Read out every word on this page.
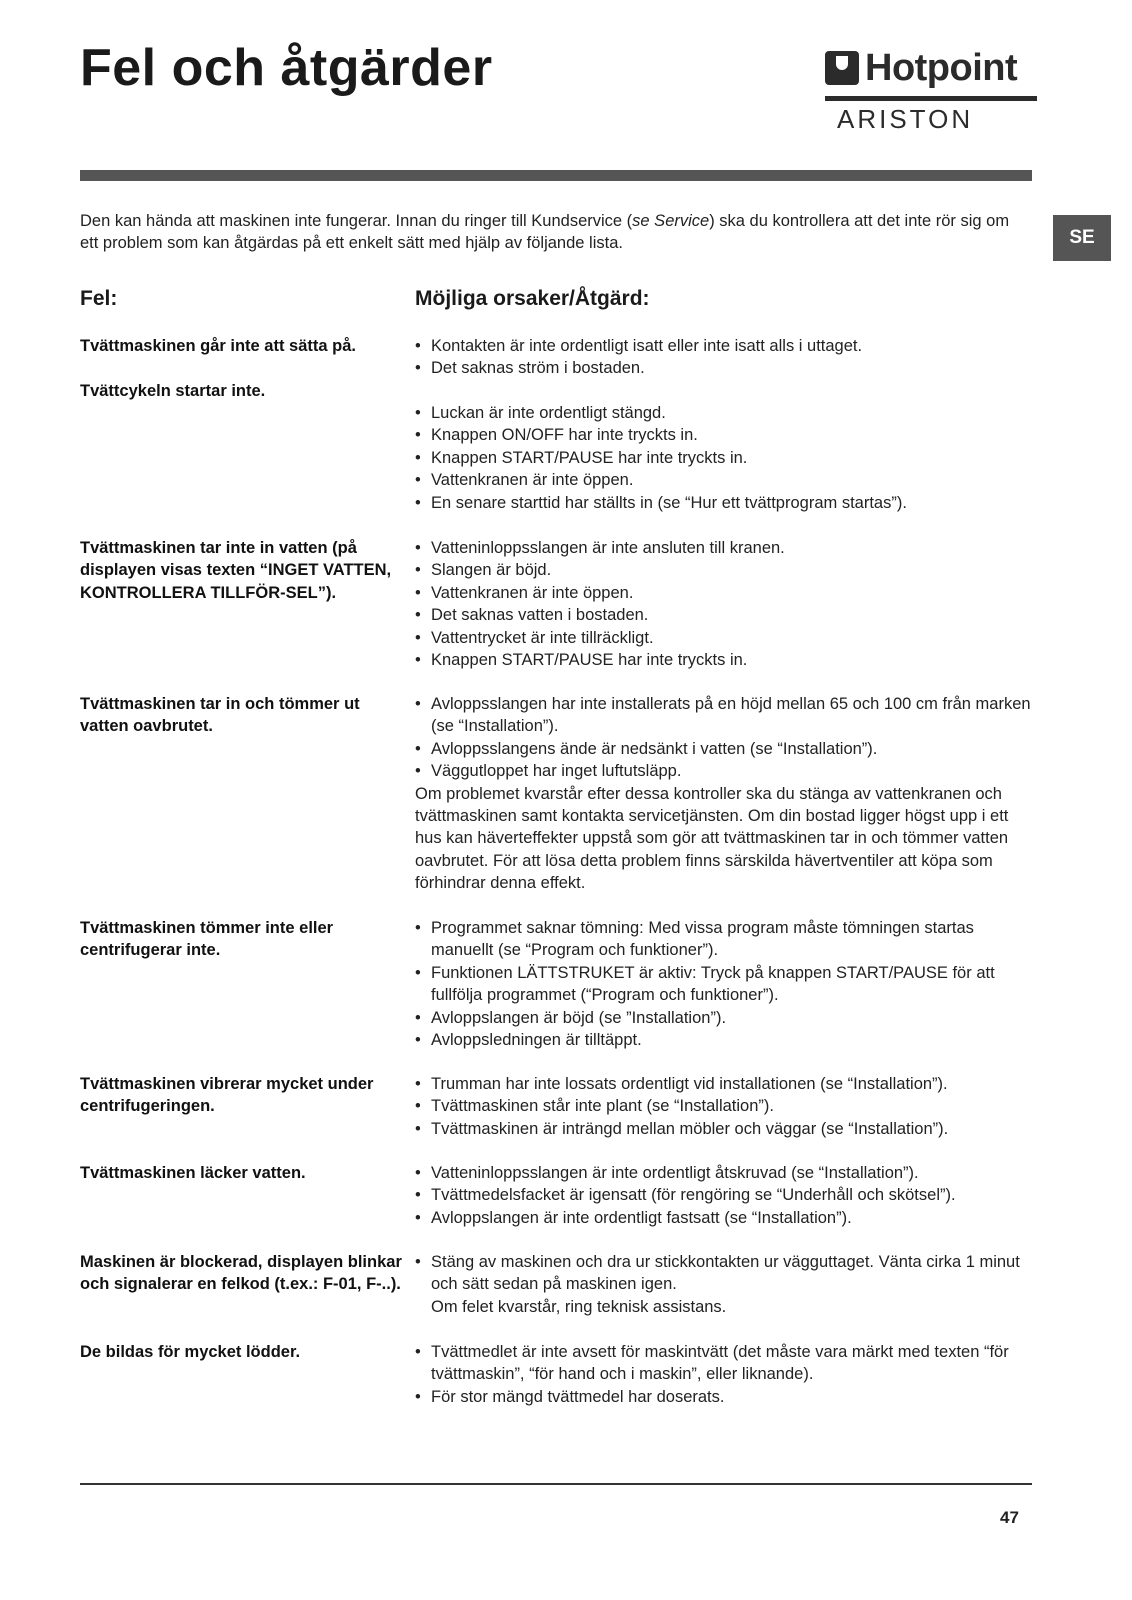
Fel och åtgärder	Hotpoint
ARISTON
SE
Den kan hända att maskinen inte fungerar. Innan du ringer till Kundservice (se Service) ska du kontrollera att det inte rör sig om ett problem som kan åtgärdas på ett enkelt sätt med hjälp av följande lista.
Fel:	Möjliga orsaker/Åtgärd:
Tvättmaskinen går inte att sätta på.	• Kontakten är inte ordentligt isatt eller inte isatt alls i uttaget.
• Det saknas ström i bostaden.
Tvättcykeln startar inte.
• Luckan är inte ordentligt stängd.
• Knappen ON/OFF har inte tryckts in.
• Knappen START/PAUSE har inte tryckts in.
• Vattenkranen är inte öppen.
• En senare starttid har ställts in (se “Hur ett tvättprogram startas”).
Tvättmaskinen tar inte in vatten (på displayen visas texten “INGET VATTEN, KONTROLLERA TILLFÖR-SEL”).
• Vatteninloppsslangen är inte ansluten till kranen.
• Slangen är böjd.
• Vattenkranen är inte öppen.
• Det saknas vatten i bostaden.
• Vattentrycket är inte tillräckligt.
• Knappen START/PAUSE har inte tryckts in.
Tvättmaskinen tar in och tömmer ut vatten oavbrutet.
• Avloppsslangen har inte installerats på en höjd mellan 65 och 100 cm från marken (se “Installation”).
• Avloppsslangens ände är nedsänkt i vatten (se “Installation”).
• Väggutloppet har inget luftutsläpp.

Om problemet kvarstår efter dessa kontroller ska du stänga av vattenkranen och tvättmaskinen samt kontakta servicetjänsten. Om din bostad ligger högst upp i ett hus kan häverteffekter uppstå som gör att tvättmaskinen tar in och tömmer vatten oavbrutet. För att lösa detta problem finns särskilda hävertventiler att köpa som förhindrar denna effekt.

Tvättmaskinen tömmer inte eller centrifugerar inte.
• Programmet saknar tömning: Med vissa program måste tömningen startas manuellt (se “Program och funktioner”).
• Funktionen LÄTTSTRUKET är aktiv: Tryck på knappen START/PAUSE för att fullfölja programmet (“Program och funktioner”).
• Avloppslangen är böjd (se ”Installation”).
• Avloppsledningen är tilltäppt.
Tvättmaskinen vibrerar mycket under centrifugeringen.
• Trumman har inte lossats ordentligt vid installationen (se “Installation”).
• Tvättmaskinen står inte plant (se “Installation”).
• Tvättmaskinen är inträngd mellan möbler och väggar (se “Installation”).
Tvättmaskinen läcker vatten.	• Vatteninloppsslangen är inte ordentligt åtskruvad (se “Installation”).
• Tvättmedelsfacket är igensatt (för rengöring se “Underhåll och skötsel”).
• Avloppslangen är inte ordentligt fastsatt (se “Installation”).
Maskinen är blockerad, displayen blinkar och signalerar en felkod (t.ex.: F-01, F-..).
• Stäng av maskinen och dra ur stickkontakten ur vägguttaget. Vänta cirka 1 minut och sätt sedan på maskinen igen.

Om felet kvarstår, ring teknisk assistans.

De bildas för mycket lödder.	• Tvättmedlet är inte avsett för maskintvätt (det måste vara märkt med texten “för tvättmaskin”, “för hand och i maskin”, eller liknande).
• För stor mängd tvättmedel har doserats.
47
